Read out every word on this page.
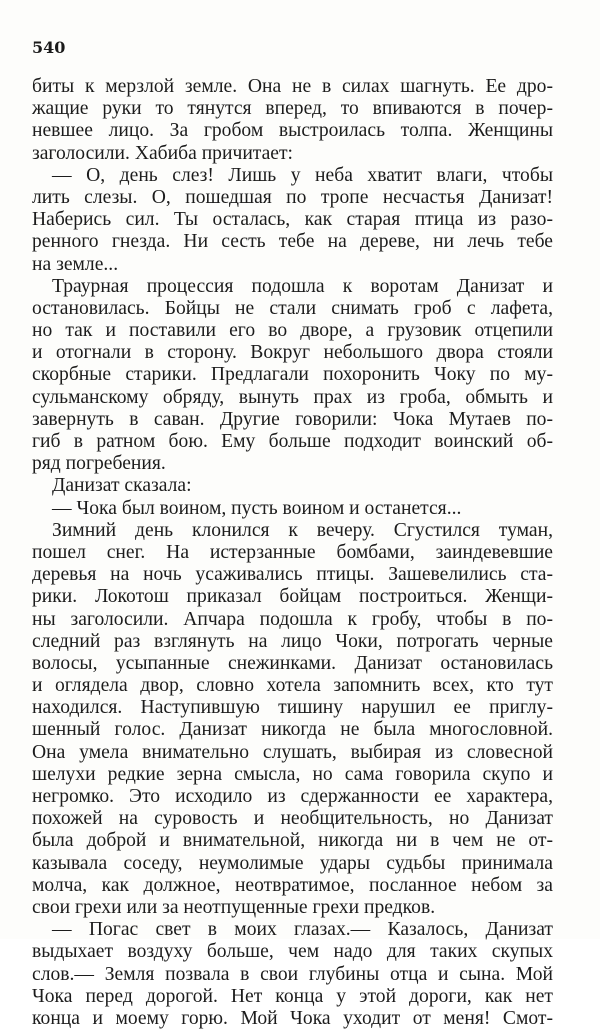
540
биты к мерзлой земле. Она не в силах шагнуть. Ее дро-
жащие руки то тянутся вперед, то впиваются в почер-
невшее лицо. За гробом выстроилась толпа. Женщины
заголосили. Хабиба причитает:
— О, день слез! Лишь у неба хватит влаги, чтобы
лить слезы. О, пошедшая по тропе несчастья Данизат!
Наберись сил. Ты осталась, как старая птица из разо-
ренного гнезда. Ни сесть тебе на дереве, ни лечь тебе
на земле...
Траурная процессия подошла к воротам Данизат и
остановилась. Бойцы не стали снимать гроб с лафета,
но так и поставили его во дворе, а грузовик отцепили
и отогнали в сторону. Вокруг небольшого двора стояли
скорбные старики. Предлагали похоронить Чоку по му-
сульманскому обряду, вынуть прах из гроба, обмыть и
завернуть в саван. Другие говорили: Чока Мутаев по-
гиб в ратном бою. Ему больше подходит воинский об-
ряд погребения.
Данизат сказала:
— Чока был воином, пусть воином и останется...
Зимний день клонился к вечеру. Сгустился туман,
пошел снег. На истерзанные бомбами, заиндевевшие
деревья на ночь усаживались птицы. Зашевелились ста-
рики. Локотош приказал бойцам построиться. Женщи-
ны заголосили. Апчара подошла к гробу, чтобы в по-
следний раз взглянуть на лицо Чоки, потрогать черные
волосы, усыпанные снежинками. Данизат остановилась
и оглядела двор, словно хотела запомнить всех, кто тут
находился. Наступившую тишину нарушил ее приглу-
шенный голос. Данизат никогда не была многословной.
Она умела внимательно слушать, выбирая из словесной
шелухи редкие зерна смысла, но сама говорила скупо и
негромко. Это исходило из сдержанности ее характера,
похожей на суровость и необщительность, но Данизат
была доброй и внимательной, никогда ни в чем не от-
казывала соседу, неумолимые удары судьбы принимала
молча, как должное, неотвратимое, посланное небом за
свои грехи или за неотпущенные грехи предков.
— Погас свет в моих глазах.— Казалось, Данизат
выдыхает воздуху больше, чем надо для таких скупых
слов.— Земля позвала в свои глубины отца и сына. Мой
Чока перед дорогой. Нет конца у этой дороги, как нет
конца и моему горю. Мой Чока уходит от меня! Смот-
